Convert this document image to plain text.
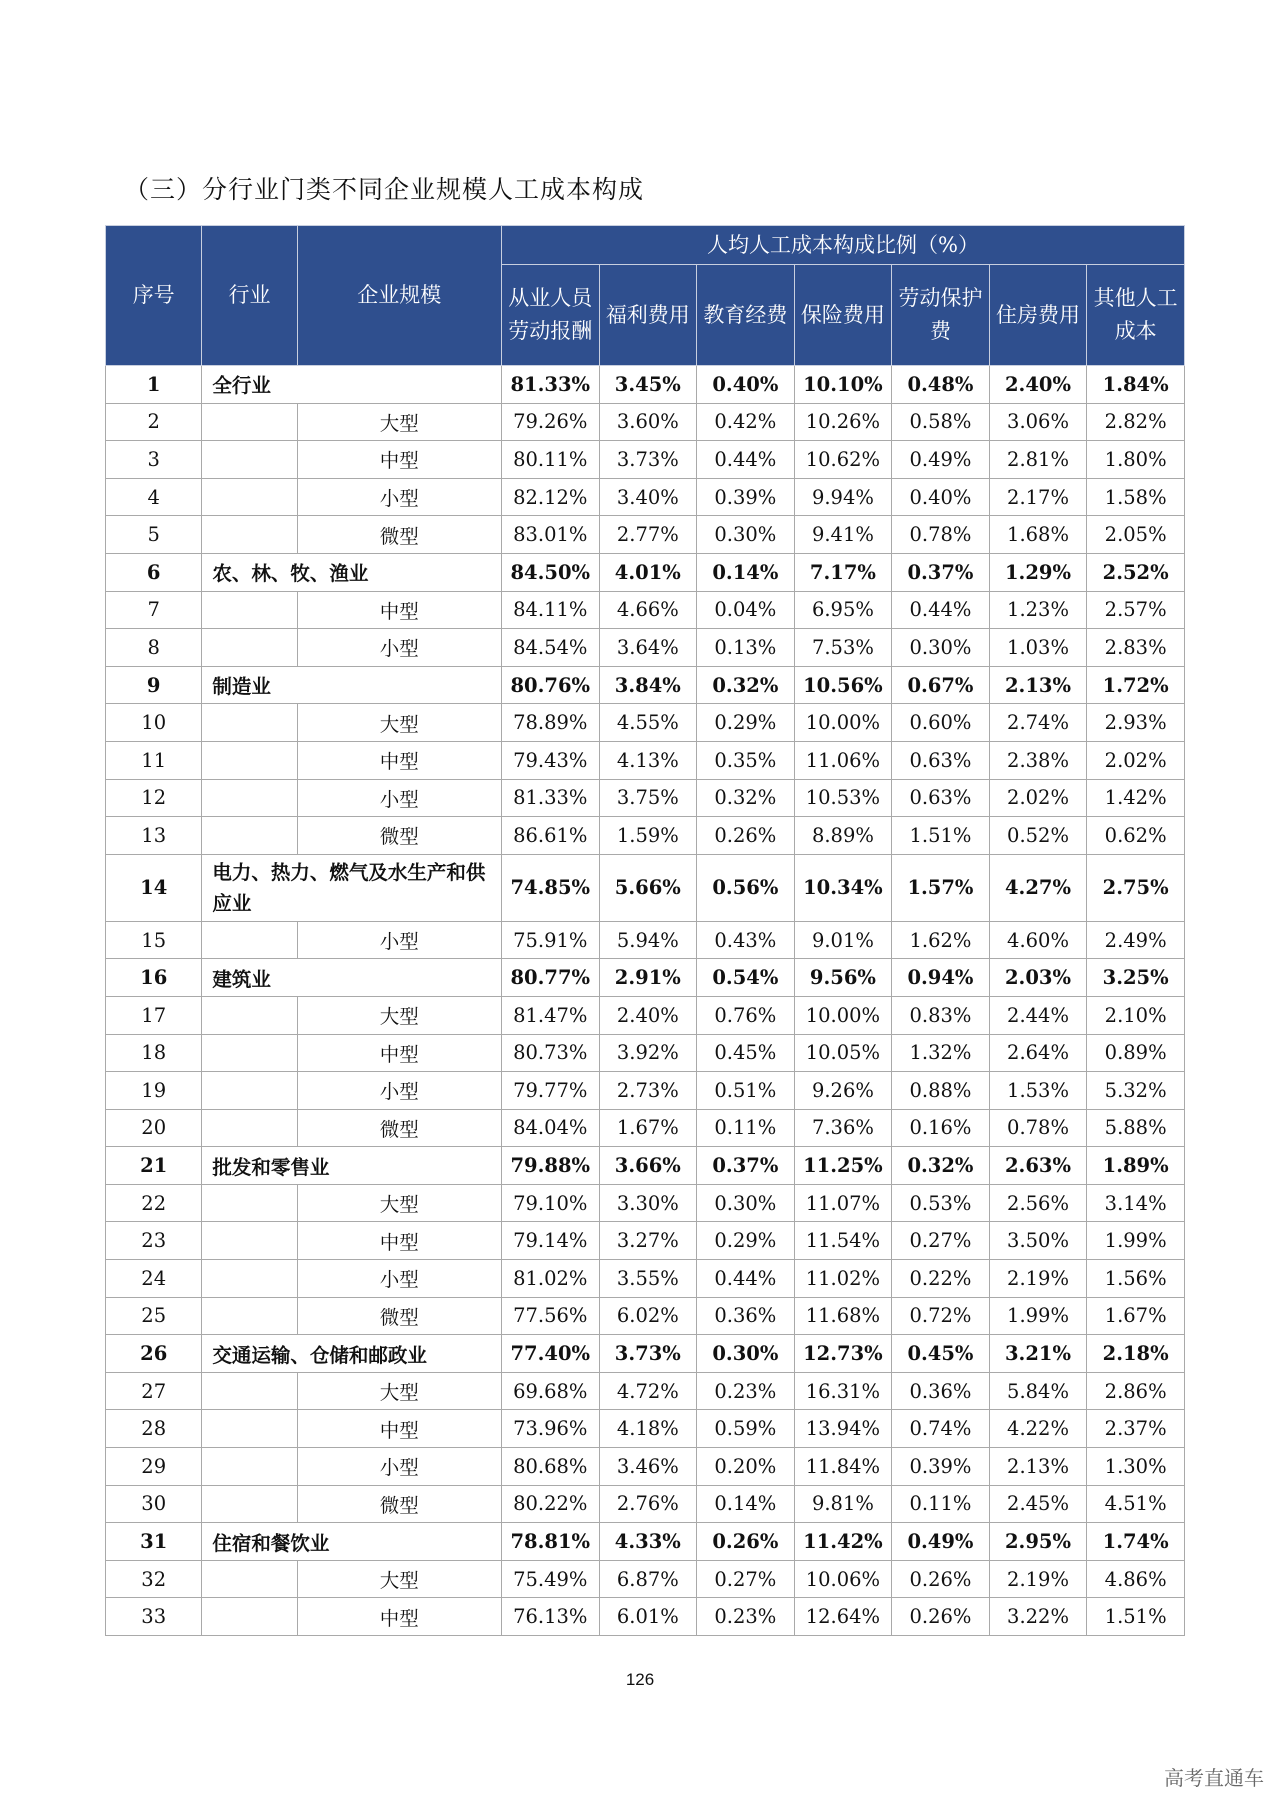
（三）分行业门类不同企业规模人工成本构成
序号	行业	企业规模	人均人工成本构成比例（%）						
			从业人员劳动报酬	福利费用	教育经费	保险费用	劳动保护费	住房费用	其他人工成本
1	全行业		81.33%	3.45%	0.40%	10.10%	0.48%	2.40%	1.84%
2		大型	79.26%	3.60%	0.42%	10.26%	0.58%	3.06%	2.82%
3		中型	80.11%	3.73%	0.44%	10.62%	0.49%	2.81%	1.80%
4		小型	82.12%	3.40%	0.39%	9.94%	0.40%	2.17%	1.58%
5		微型	83.01%	2.77%	0.30%	9.41%	0.78%	1.68%	2.05%
6	农、林、牧、渔业		84.50%	4.01%	0.14%	7.17%	0.37%	1.29%	2.52%
7		中型	84.11%	4.66%	0.04%	6.95%	0.44%	1.23%	2.57%
8		小型	84.54%	3.64%	0.13%	7.53%	0.30%	1.03%	2.83%
9	制造业		80.76%	3.84%	0.32%	10.56%	0.67%	2.13%	1.72%
10		大型	78.89%	4.55%	0.29%	10.00%	0.60%	2.74%	2.93%
11		中型	79.43%	4.13%	0.35%	11.06%	0.63%	2.38%	2.02%
12		小型	81.33%	3.75%	0.32%	10.53%	0.63%	2.02%	1.42%
13		微型	86.61%	1.59%	0.26%	8.89%	1.51%	0.52%	0.62%
14	电力、热力、燃气及水生产和供应业		74.85%	5.66%	0.56%	10.34%	1.57%	4.27%	2.75%
15		小型	75.91%	5.94%	0.43%	9.01%	1.62%	4.60%	2.49%
16	建筑业		80.77%	2.91%	0.54%	9.56%	0.94%	2.03%	3.25%
17		大型	81.47%	2.40%	0.76%	10.00%	0.83%	2.44%	2.10%
18		中型	80.73%	3.92%	0.45%	10.05%	1.32%	2.64%	0.89%
19		小型	79.77%	2.73%	0.51%	9.26%	0.88%	1.53%	5.32%
20		微型	84.04%	1.67%	0.11%	7.36%	0.16%	0.78%	5.88%
21	批发和零售业		79.88%	3.66%	0.37%	11.25%	0.32%	2.63%	1.89%
22		大型	79.10%	3.30%	0.30%	11.07%	0.53%	2.56%	3.14%
23		中型	79.14%	3.27%	0.29%	11.54%	0.27%	3.50%	1.99%
24		小型	81.02%	3.55%	0.44%	11.02%	0.22%	2.19%	1.56%
25		微型	77.56%	6.02%	0.36%	11.68%	0.72%	1.99%	1.67%
26	交通运输、仓储和邮政业		77.40%	3.73%	0.30%	12.73%	0.45%	3.21%	2.18%
27		大型	69.68%	4.72%	0.23%	16.31%	0.36%	5.84%	2.86%
28		中型	73.96%	4.18%	0.59%	13.94%	0.74%	4.22%	2.37%
29		小型	80.68%	3.46%	0.20%	11.84%	0.39%	2.13%	1.30%
30		微型	80.22%	2.76%	0.14%	9.81%	0.11%	2.45%	4.51%
31	住宿和餐饮业		78.81%	4.33%	0.26%	11.42%	0.49%	2.95%	1.74%
32		大型	75.49%	6.87%	0.27%	10.06%	0.26%	2.19%	4.86%
33		中型	76.13%	6.01%	0.23%	12.64%	0.26%	3.22%	1.51%
126
高考直通车
